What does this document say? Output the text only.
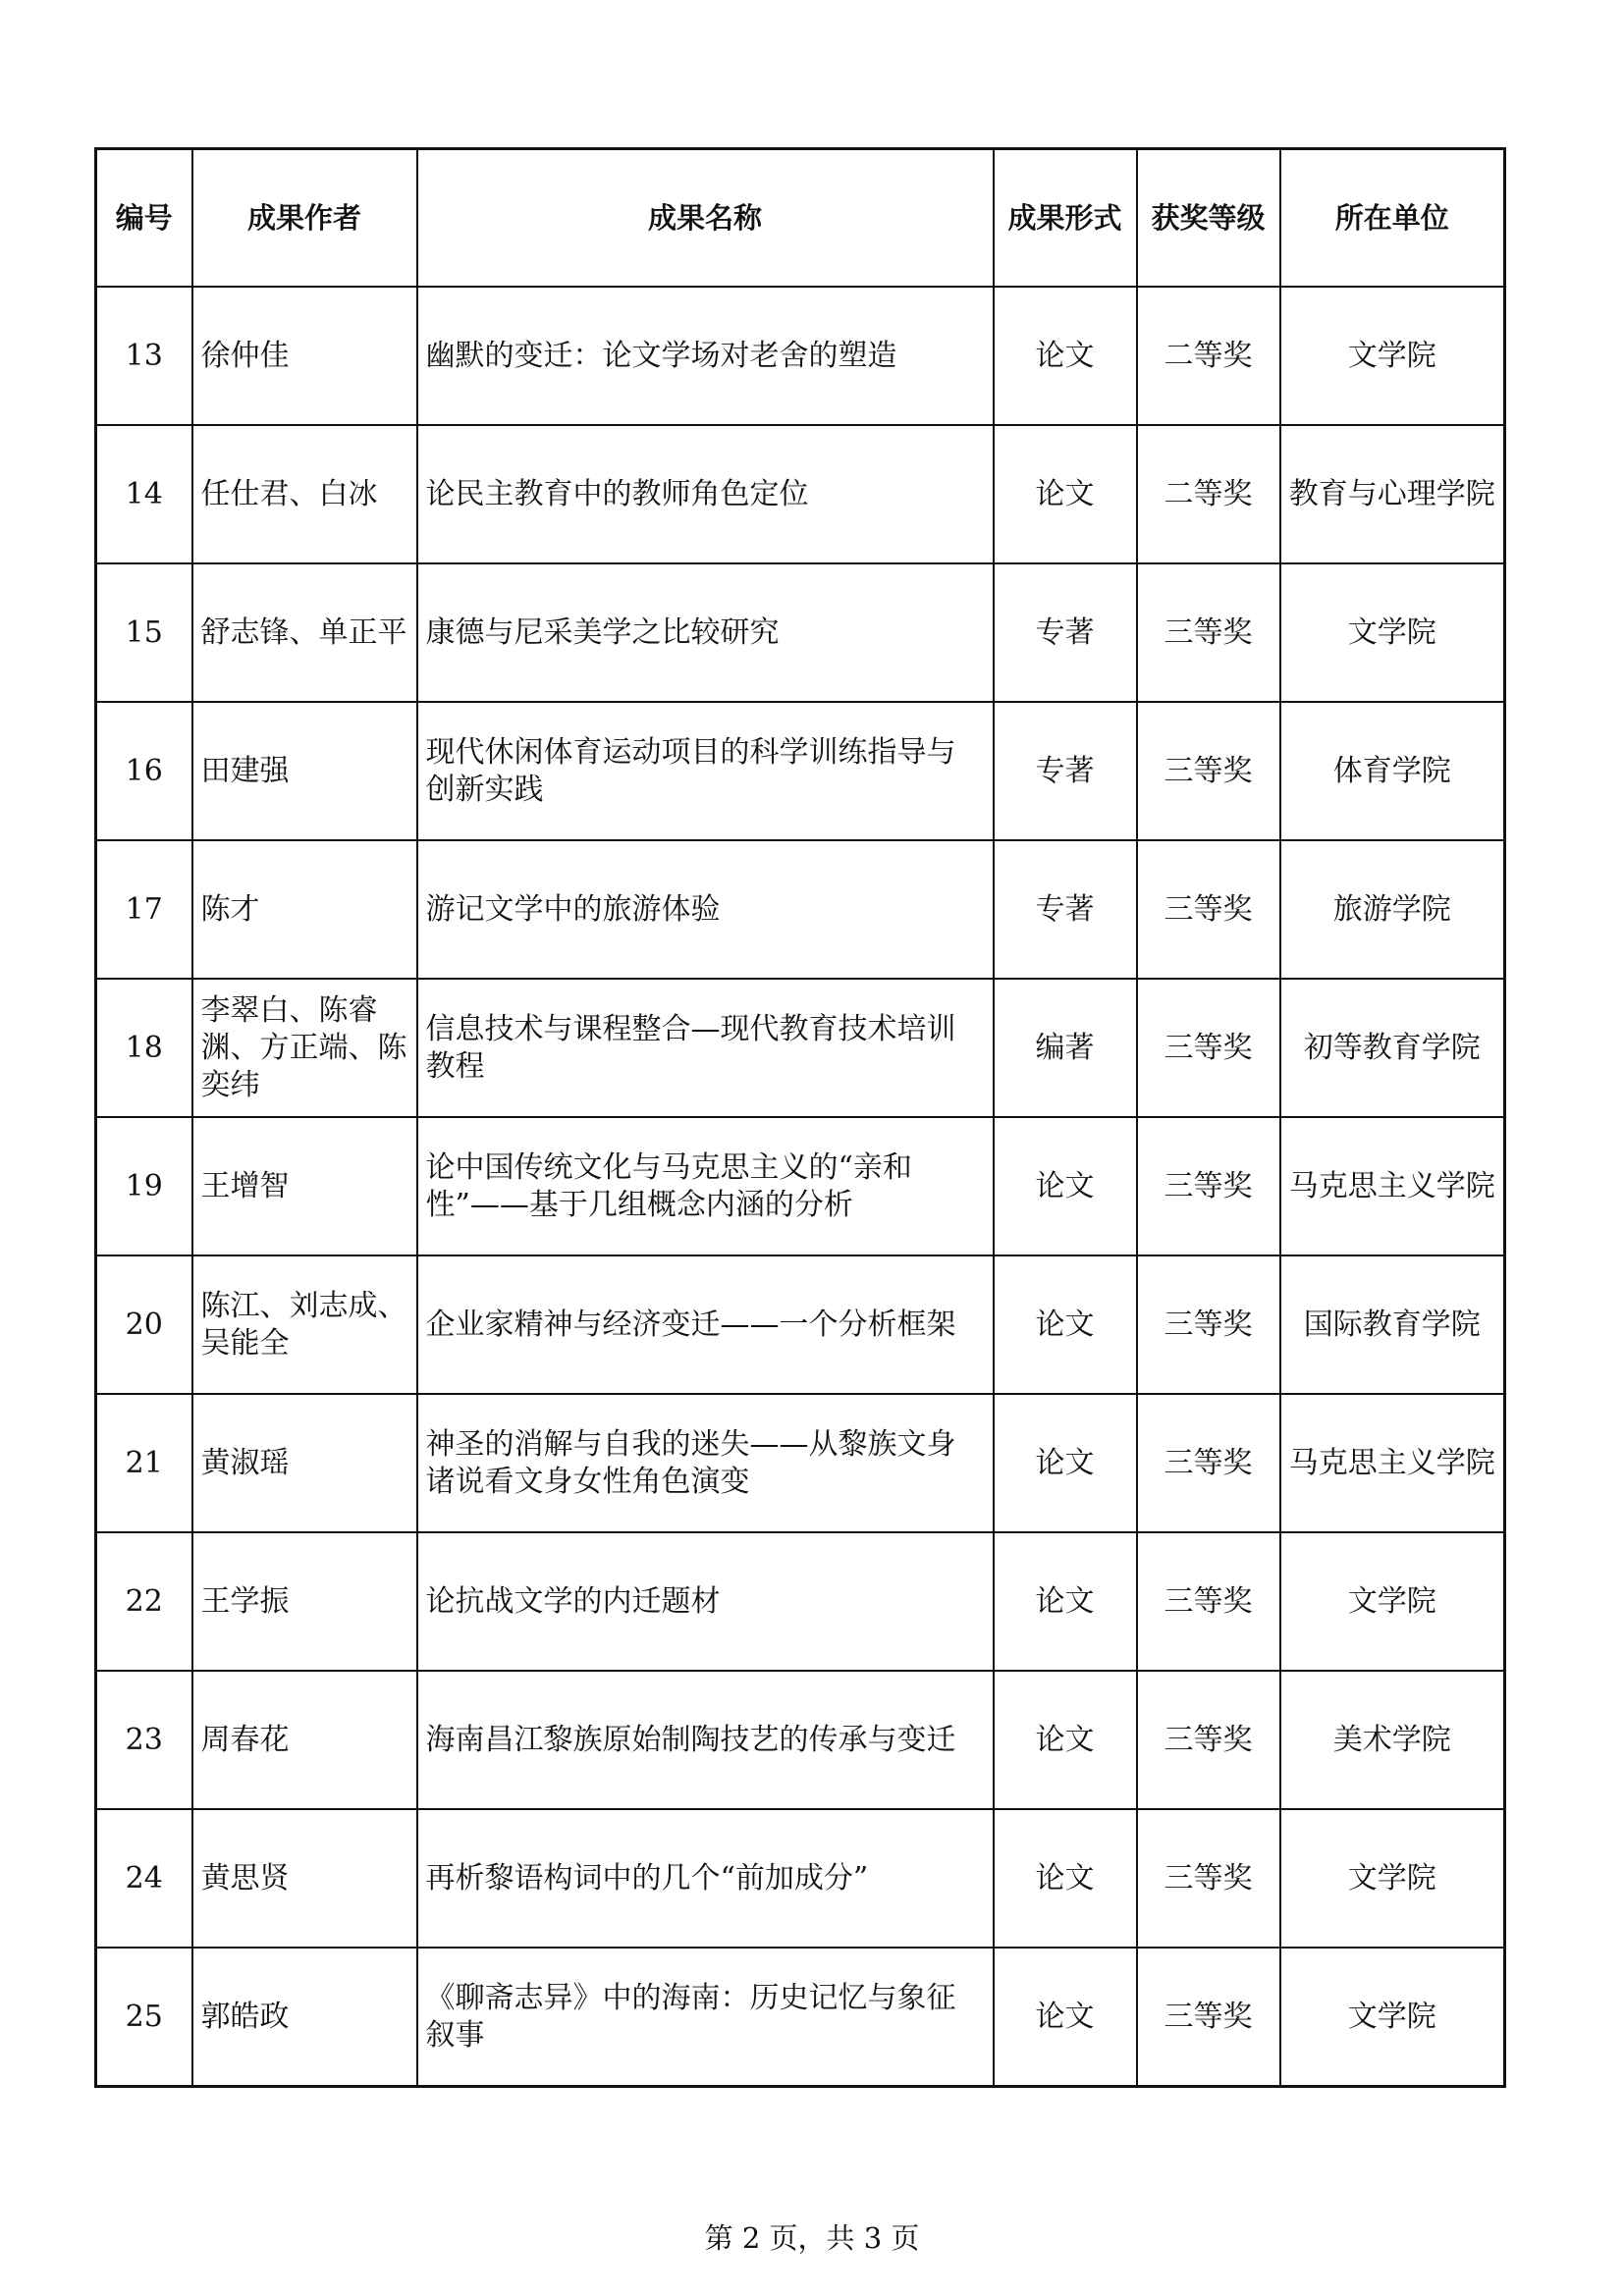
编号	成果作者	成果名称	成果形式	获奖等级	所在单位
13	徐仲佳	幽默的变迁：论文学场对老舍的塑造	论文	二等奖	文学院
14	任仕君、白冰	论民主教育中的教师角色定位	论文	二等奖	教育与心理学院
15	舒志锋、单正平	康德与尼采美学之比较研究	专著	三等奖	文学院
16	田建强	现代休闲体育运动项目的科学训练指导与创新实践	专著	三等奖	体育学院
17	陈才	游记文学中的旅游体验	专著	三等奖	旅游学院
18	李翠白、陈睿渊、方正端、陈奕纬	信息技术与课程整合—现代教育技术培训教程	编著	三等奖	初等教育学院
19	王增智	论中国传统文化与马克思主义的“亲和性”——基于几组概念内涵的分析	论文	三等奖	马克思主义学院
20	陈江、刘志成、吴能全	企业家精神与经济变迁——一个分析框架	论文	三等奖	国际教育学院
21	黄淑瑶	神圣的消解与自我的迷失——从黎族文身诸说看文身女性角色演变	论文	三等奖	马克思主义学院
22	王学振	论抗战文学的内迁题材	论文	三等奖	文学院
23	周春花	海南昌江黎族原始制陶技艺的传承与变迁	论文	三等奖	美术学院
24	黄思贤	再析黎语构词中的几个“前加成分”	论文	三等奖	文学院
25	郭皓政	《聊斋志异》中的海南：历史记忆与象征叙事	论文	三等奖	文学院
第 2 页，共 3 页
